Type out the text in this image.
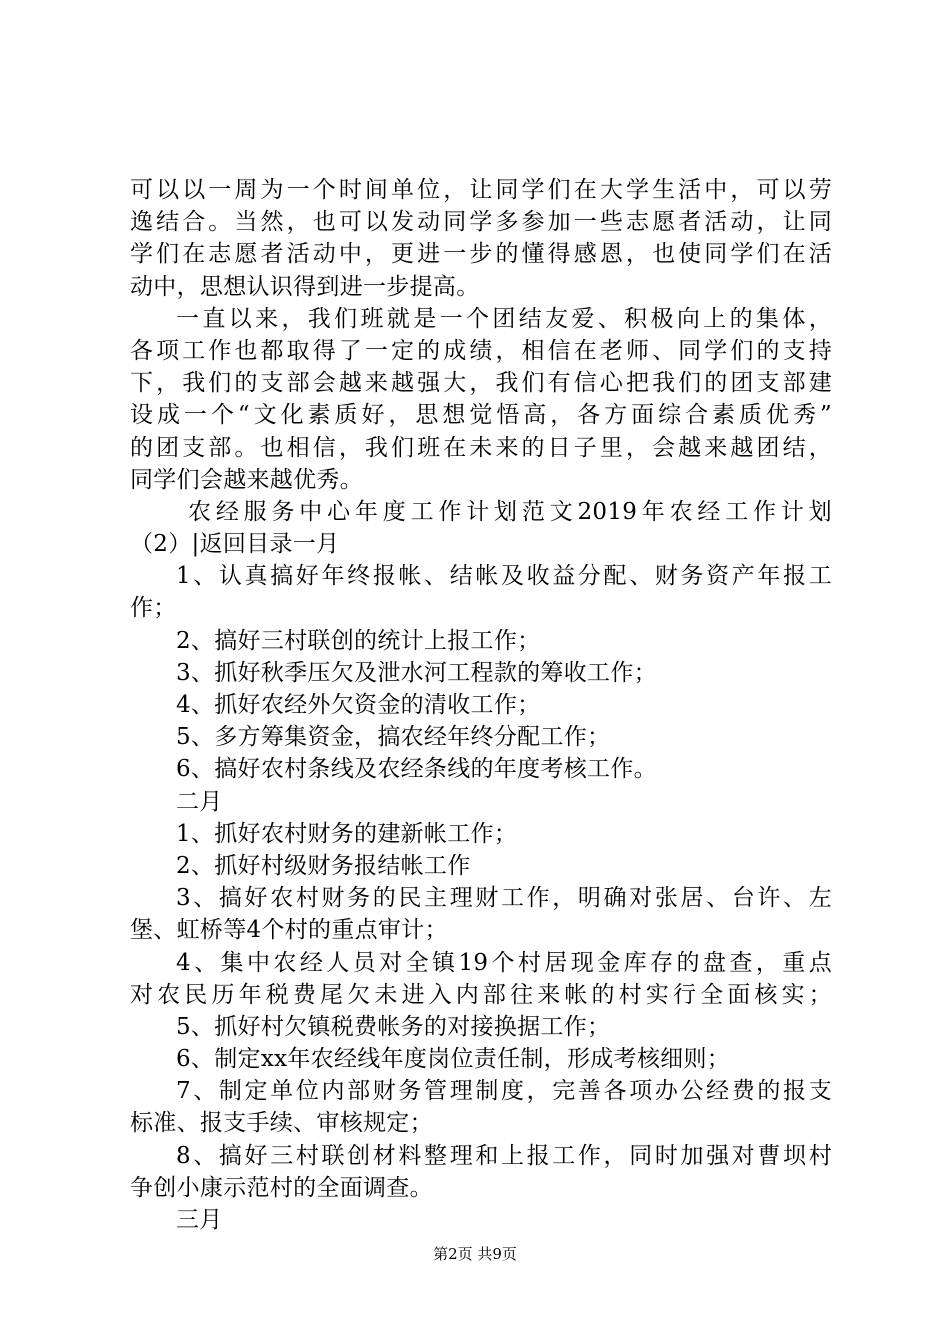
可以以一周为一个时间单位，让同学们在大学生活中，可以劳
逸结合。当然，也可以发动同学多参加一些志愿者活动，让同
学们在志愿者活动中，更进一步的懂得感恩，也使同学们在活
动中，思想认识得到进一步提高。
一直以来，我们班就是一个团结友爱、积极向上的集体，
各项工作也都取得了一定的成绩，相信在老师、同学们的支持
下，我们的支部会越来越强大，我们有信心把我们的团支部建
设成一个“文化素质好，思想觉悟高，各方面综合素质优秀”
的团支部。也相信，我们班在未来的日子里，会越来越团结，
同学们会越来越优秀。
农经服务中心年度工作计划范文2019年农经工作计划
（2）|返回目录一月
1、认真搞好年终报帐、结帐及收益分配、财务资产年报工
作；
2、搞好三村联创的统计上报工作；
3、抓好秋季压欠及泄水河工程款的筹收工作；
4、抓好农经外欠资金的清收工作；
5、多方筹集资金，搞农经年终分配工作；
6、搞好农村条线及农经条线的年度考核工作。
二月
1、抓好农村财务的建新帐工作；
2、抓好村级财务报结帐工作
3、搞好农村财务的民主理财工作，明确对张居、台许、左
堡、虹桥等4个村的重点审计；
4、集中农经人员对全镇19个村居现金库存的盘查，重点
对农民历年税费尾欠未进入内部往来帐的村实行全面核实；
5、抓好村欠镇税费帐务的对接换据工作；
6、制定xx年农经线年度岗位责任制，形成考核细则；
7、制定单位内部财务管理制度，完善各项办公经费的报支
标准、报支手续、审核规定；
8、搞好三村联创材料整理和上报工作，同时加强对曹坝村
争创小康示范村的全面调查。
三月
第2页 共9页
